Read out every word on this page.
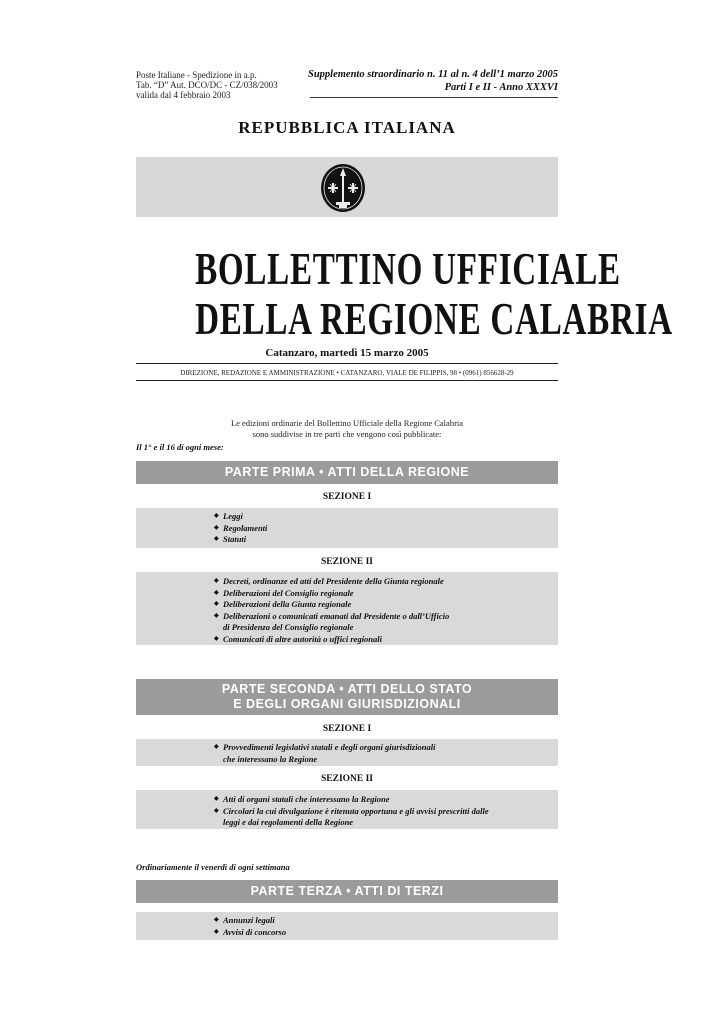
Poste Italiane - Spedizione in a.p.
Tab. “D” Aut. DCO/DC - CZ/038/2003
valida dal 4 febbraio 2003
Supplemento straordinario n. 11 al n. 4 dell’1 marzo 2005
Parti I e II - Anno XXXVI
REPUBBLICA ITALIANA
BOLLETTINO UFFICIALE
DELLA REGIONE CALABRIA
Catanzaro, martedì 15 marzo 2005
DIREZIONE, REDAZIONE E AMMINISTRAZIONE • CATANZARO, VIALE DE FILIPPIS, 98 • (0961) 856628-29
Le edizioni ordinarie del Bollettino Ufficiale della Regione Calabria
sono suddivise in tre parti che vengono così pubblicate:
Il 1° e il 16 di ogni mese:
PARTE PRIMA • ATTI DELLA REGIONE
SEZIONE I
◆ Leggi
◆ Regolamenti
◆ Statuti
SEZIONE II
◆ Decreti, ordinanze ed atti del Presidente della Giunta regionale
◆ Deliberazioni del Consiglio regionale
◆ Deliberazioni della Giunta regionale
◆ Deliberazioni o comunicati emanati dal Presidente o dall’Ufficio
di Presidenza del Consiglio regionale
◆ Comunicati di altre autorità o uffici regionali
PARTE SECONDA • ATTI DELLO STATO
E DEGLI ORGANI GIURISDIZIONALI
SEZIONE I
◆ Provvedimenti legislativi statali e degli organi giurisdizionali
che interessano la Regione
SEZIONE II
◆ Atti di organi statali che interessano la Regione
◆ Circolari la cui divulgazione è ritenuta opportuna e gli avvisi prescritti dalle
leggi e dai regolamenti della Regione
Ordinariamente il venerdì di ogni settimana
PARTE TERZA • ATTI DI TERZI
◆ Annunzi legali
◆ Avvisi di concorso
